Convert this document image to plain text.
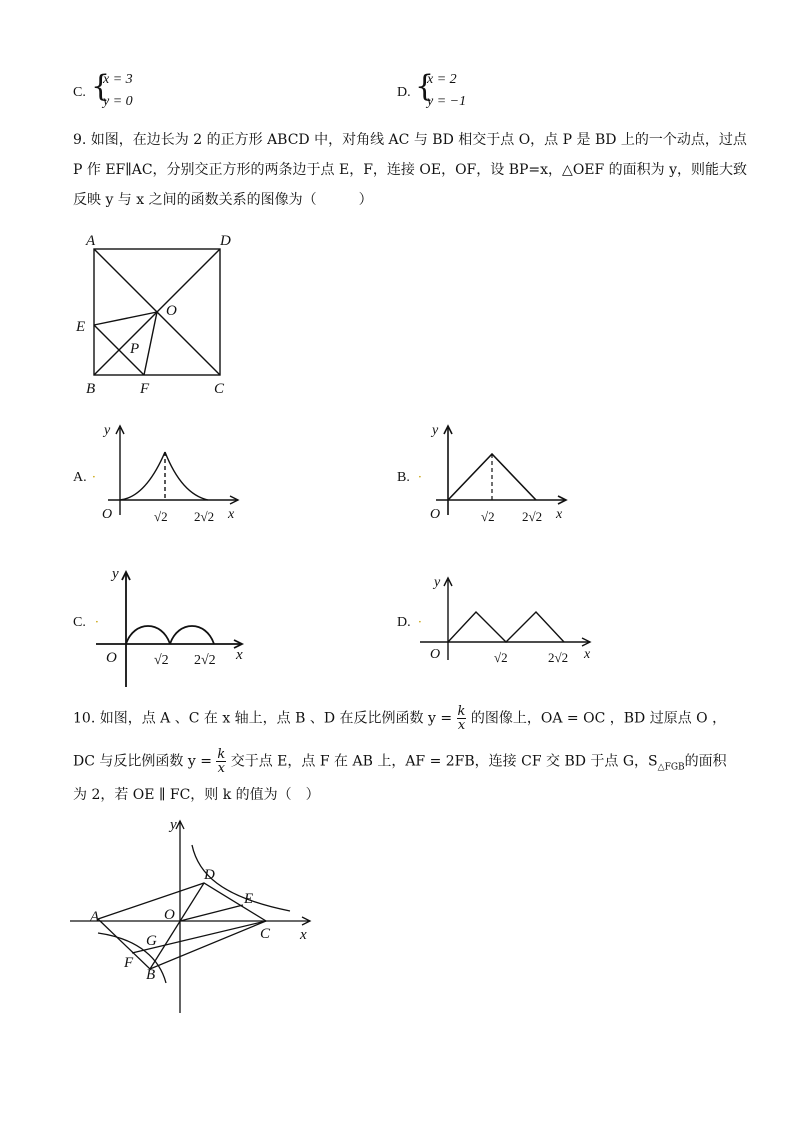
C. {
x = 3
y = 0
D. {
x = 2
y = −1
9. 如图，在边长为 2 的正方形 ABCD 中，对角线 AC 与 BD 相交于点 O，点 P 是 BD 上的一个动点，过点
P 作 EF∥AC，分别交正方形的两条边于点 E，F，连接 OE，OF，设 BP=x，△OEF 的面积为 y，则能大致
反映 y 与 x 之间的函数关系的图像为（　　　）
A	D
B	C
E
F
O
P
A. ·
y
x
O	√2 2√2
B. ·
y
x
O	√2 2√2
C. ·
y
x
O	√2 2√2
D. ·
y
x
O	√2	2√2
10. 如图，点 A 、C 在 x 轴上，点 B 、D 在反比例函数 $y = \frac{k}{x}$ 的图像上，OA = OC ，BD 过原点 O ，
DC 与反比例函数 $y = \frac{k}{x}$ 交于点 E，点 F 在 AB 上，AF = 2FB，连接 CF 交 BD 于点 G，$S_{\triangle FGB}$的面积
为 2，若 OE ∥ FC，则 k 的值为（　）
y
x
A
B
C
D
E
F
G
O
